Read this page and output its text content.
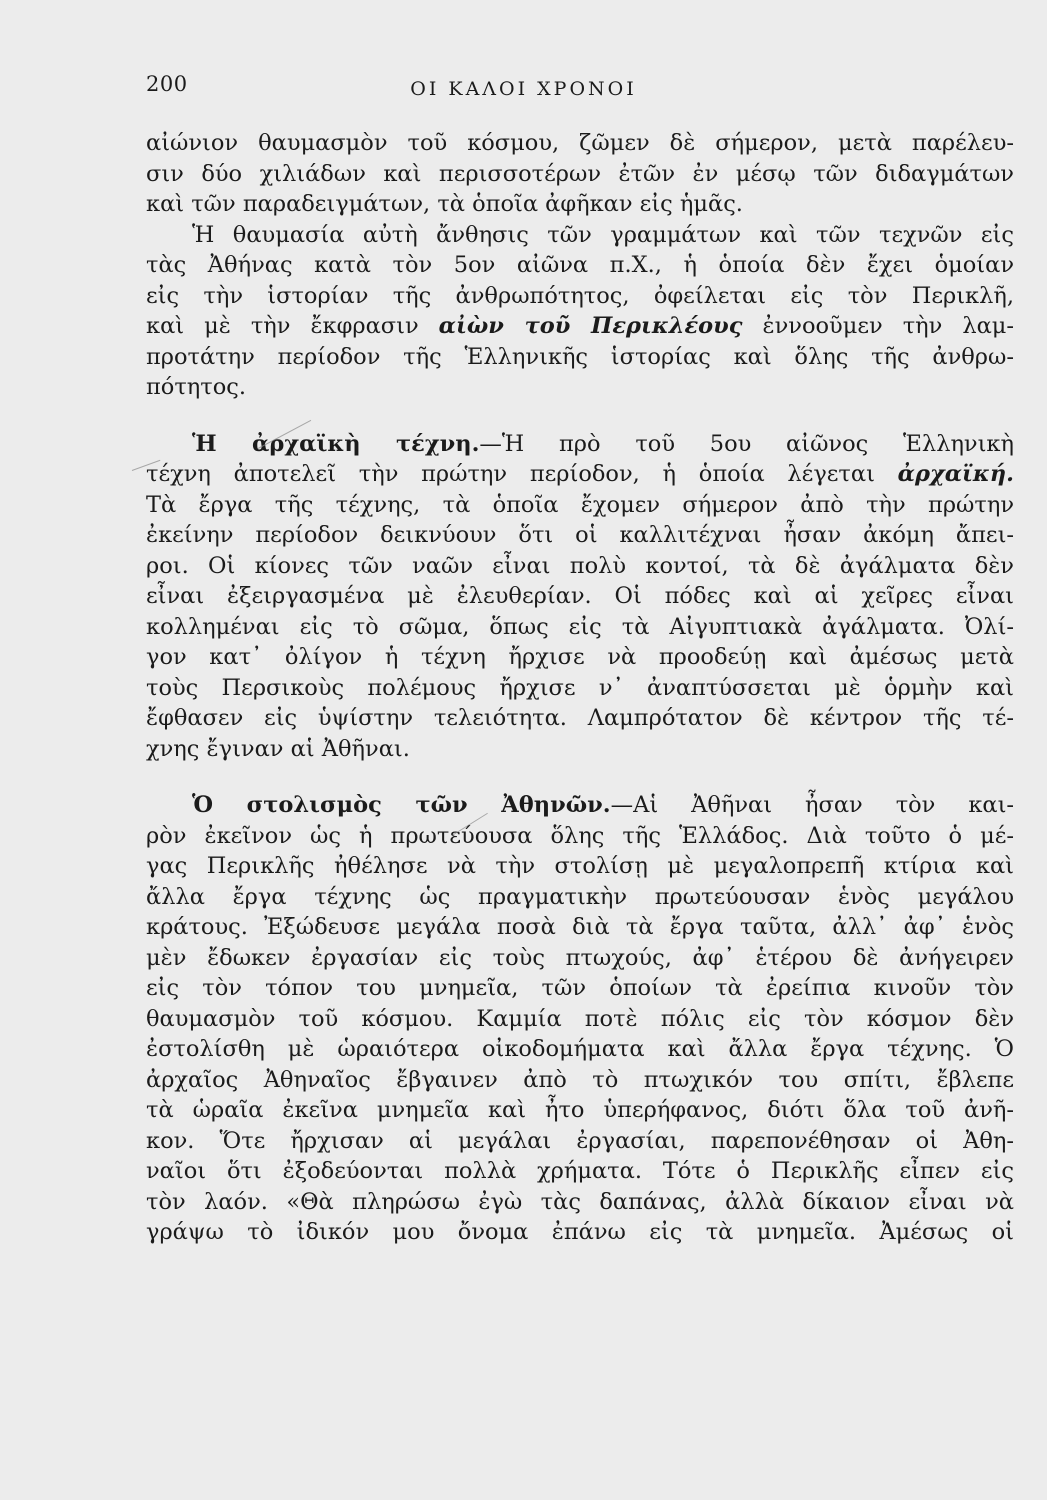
200	ΟΙ ΚΑΛΟΙ ΧΡΟΝΟΙ
αἰώνιον θαυμασμὸν τοῦ κόσμου, ζῶμεν δὲ σήμερον, μετὰ παρέλευ-
σιν δύο χιλιάδων καὶ περισσοτέρων ἐτῶν ἐν μέσῳ τῶν διδαγμάτων
καὶ τῶν παραδειγμάτων, τὰ ὁποῖα ἀφῆκαν εἰς ἡμᾶς.
Ἡ θαυμασία αὐτὴ ἄνθησις τῶν γραμμάτων καὶ τῶν τεχνῶν εἰς
τὰς Ἀθήνας κατὰ τὸν 5ον αἰῶνα π.Χ., ἡ ὁποία δὲν ἔχει ὁμοίαν
εἰς τὴν ἱστορίαν τῆς ἀνθρωπότητος, ὀφείλεται εἰς τὸν Περικλῆ,
καὶ μὲ τὴν ἔκφρασιν αἰὼν τοῦ Περικλέους ἐννοοῦμεν τὴν λαμ-
προτάτην περίοδον τῆς Ἑλληνικῆς ἱστορίας καὶ ὅλης τῆς ἀνθρω-
πότητος.
Ἡ ἀρχαϊκὴ τέχνη.—Ἡ πρὸ τοῦ 5ου αἰῶνος Ἑλληνικὴ
τέχνη ἀποτελεῖ τὴν πρώτην περίοδον, ἡ ὁποία λέγεται ἀρχαϊκή.
Τὰ ἔργα τῆς τέχνης, τὰ ὁποῖα ἔχομεν σήμερον ἀπὸ τὴν πρώτην
ἐκείνην περίοδον δεικνύουν ὅτι οἱ καλλιτέχναι ἦσαν ἀκόμη ἄπει-
ροι. Οἱ κίονες τῶν ναῶν εἶναι πολὺ κοντοί, τὰ δὲ ἀγάλματα δὲν
εἶναι ἐξειργασμένα μὲ ἐλευθερίαν. Οἱ πόδες καὶ αἱ χεῖρες εἶναι
κολλημέναι εἰς τὸ σῶμα, ὅπως εἰς τὰ Αἰγυπτιακὰ ἀγάλματα. Ὀλί-
γον κατ᾽ ὀλίγον ἡ τέχνη ἤρχισε νὰ προοδεύῃ καὶ ἀμέσως μετὰ
τοὺς Περσικοὺς πολέμους ἤρχισε ν᾽ ἀναπτύσσεται μὲ ὁρμὴν καὶ
ἔφθασεν εἰς ὑψίστην τελειότητα. Λαμπρότατον δὲ κέντρον τῆς τέ-
χνης ἔγιναν αἱ Ἀθῆναι.
Ὁ στολισμὸς τῶν Ἀθηνῶν.—Αἱ Ἀθῆναι ἦσαν τὸν και-
ρὸν ἐκεῖνον ὡς ἡ πρωτεύουσα ὅλης τῆς Ἑλλάδος. Διὰ τοῦτο ὁ μέ-
γας Περικλῆς ἠθέλησε νὰ τὴν στολίσῃ μὲ μεγαλοπρεπῆ κτίρια καὶ
ἄλλα ἔργα τέχνης ὡς πραγματικὴν πρωτεύουσαν ἑνὸς μεγάλου
κράτους. Ἐξώδευσε μεγάλα ποσὰ διὰ τὰ ἔργα ταῦτα, ἀλλ᾽ ἀφ᾽ ἑνὸς
μὲν ἔδωκεν ἐργασίαν εἰς τοὺς πτωχούς, ἀφ᾽ ἑτέρου δὲ ἀνήγειρεν
εἰς τὸν τόπον του μνημεῖα, τῶν ὁποίων τὰ ἐρείπια κινοῦν τὸν
θαυμασμὸν τοῦ κόσμου. Καμμία ποτὲ πόλις εἰς τὸν κόσμον δὲν
ἐστολίσθη μὲ ὡραιότερα οἰκοδομήματα καὶ ἄλλα ἔργα τέχνης. Ὁ
ἀρχαῖος Ἀθηναῖος ἔβγαινεν ἀπὸ τὸ πτωχικόν του σπίτι, ἔβλεπε
τὰ ὡραῖα ἐκεῖνα μνημεῖα καὶ ἦτο ὑπερήφανος, διότι ὅλα τοῦ ἀνῆ-
κον. Ὅτε ἤρχισαν αἱ μεγάλαι ἐργασίαι, παρεπονέθησαν οἱ Ἀθη-
ναῖοι ὅτι ἐξοδεύονται πολλὰ χρήματα. Τότε ὁ Περικλῆς εἶπεν εἰς
τὸν λαόν. «Θὰ πληρώσω ἐγὼ τὰς δαπάνας, ἀλλὰ δίκαιον εἶναι νὰ
γράψω τὸ ἰδικόν μου ὄνομα ἐπάνω εἰς τὰ μνημεῖα. Ἀμέσως οἱ
